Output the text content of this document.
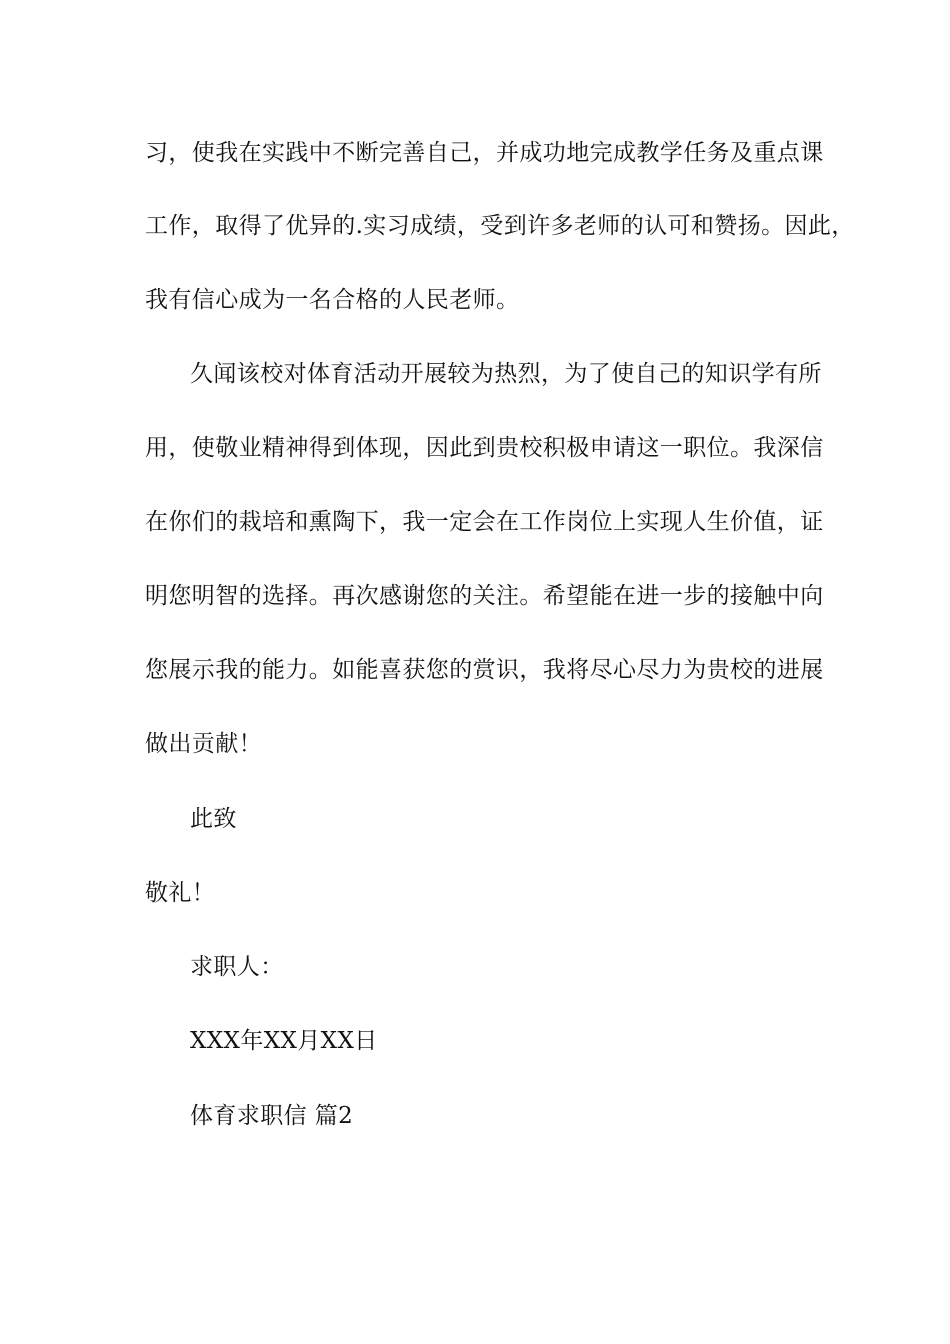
习，使我在实践中不断完善自己，并成功地完成教学任务及重点课
工作，取得了优异的.实习成绩，受到许多老师的认可和赞扬。因此，
我有信心成为一名合格的人民老师。
久闻该校对体育活动开展较为热烈，为了使自己的知识学有所
用，使敬业精神得到体现，因此到贵校积极申请这一职位。我深信
在你们的栽培和熏陶下，我一定会在工作岗位上实现人生价值，证
明您明智的选择。再次感谢您的关注。希望能在进一步的接触中向
您展示我的能力。如能喜获您的赏识，我将尽心尽力为贵校的进展
做出贡献！
此致
敬礼！
求职人：
XXX年XX月XX日
体育求职信 篇2
